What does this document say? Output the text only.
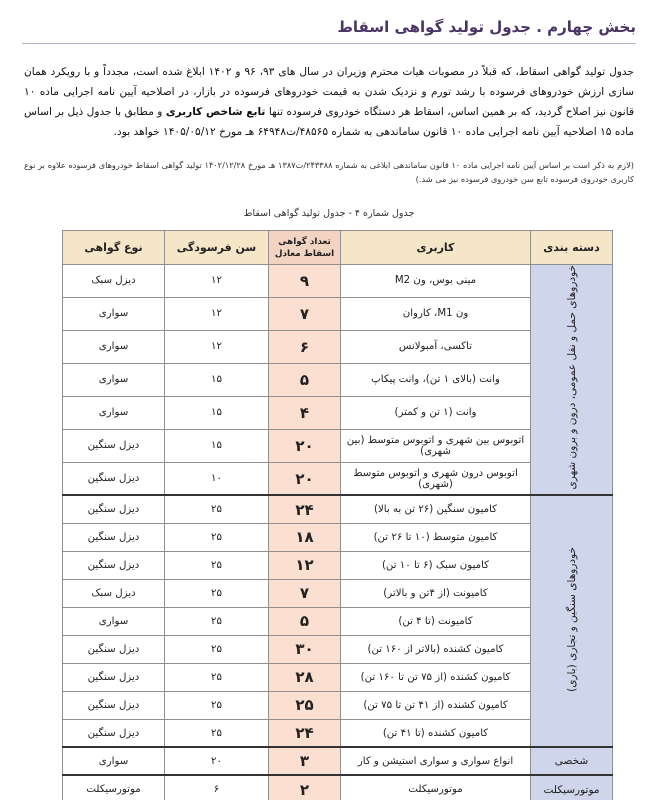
بخش چهارم . جدول تولید گواهی اسقاط
جدول تولید گواهی اسقاط، که قبلاً در مصوبات هیات محترم وزیران در سال های ۹۳، ۹۶ و ۱۴۰۲ ابلاغ شده است، مجدداً و با رویکرد همان سازی ارزش خودروهای فرسوده با رشد تورم و نزدیک شدن به قیمت خودروهای فرسوده در بازار، در اصلاحیه آیین نامه اجرایی ماده ۱۰ قانون نیز اصلاح گردید، که بر همین اساس، اسقاط هر دستگاه خودروی فرسوده تنها تابع شاخص کاربری و مطابق با جدول ذیل بر اساس ماده ۱۵ اصلاحیه آیین نامه اجرایی ماده ۱۰ قانون ساماندهی به شماره ۴۸۵۶۵/ت۶۴۹۴۸ هـ مورخ ۱۴۰۵/۰۵/۱۲ خواهد بود.
(لازم به ذکر است بر اساس آیین نامه اجرایی ماده ۱۰ قانون ساماندهی ابلاغی به شماره ۲۴۳۳۸۸/ت۱۳۸۷ هـ مورخ ۱۴۰۲/۱۲/۲۸ تولید گواهی اسقاط خودروهای فرسوده علاوه بر نوع کاربری خودروی فرسوده تابع سن خودروی فرسوده نیز می شد.)
جدول شماره ۴ - جدول تولید گواهی اسقاط
دسته بندی	کاربری	تعداد گواهی اسقاط معادل	سن فرسودگی	نوع گواهی
خودروهای حمل و نقل عمومی، درون و برون شهری	مینی بوس، ون M2	۹	۱۲	دیزل سبک
	ون M1، کاروان	۷	۱۲	سواری
	تاکسی، آمبولانس	۶	۱۲	سواری
	وانت (بالای ۱ تن)، وانت پیکاپ	۵	۱۵	سواری
	وانت (۱ تن و کمتر)	۴	۱۵	سواری
	اتوبوس بین شهری و اتوبوس متوسط (بین شهری)	۲۰	۱۵	دیزل سنگین
	اتوبوس درون شهری و اتوبوس متوسط (شهری)	۲۰	۱۰	دیزل سنگین
خودروهای سنگین و تجاری (باری)	کامیون سنگین (۲۶ تن به بالا)	۲۴	۲۵	دیزل سنگین
	کامیون متوسط (۱۰ تا ۲۶ تن)	۱۸	۲۵	دیزل سنگین
	کامیون سبک (۶ تا ۱۰ تن)	۱۲	۲۵	دیزل سنگین
	کامیونت (از ۴تن و بالاتر)	۷	۲۵	دیزل سبک
	کامیونت (تا ۴ تن)	۵	۲۵	سواری
	کامیون کشنده (بالاتر از ۱۶۰ تن)	۳۰	۲۵	دیزل سنگین
	کامیون کشنده (از ۷۵ تن تا ۱۶۰ تن)	۲۸	۲۵	دیزل سنگین
	کامیون کشنده (از ۴۱ تن تا ۷۵ تن)	۲۵	۲۵	دیزل سنگین
	کامیون کشنده (تا ۴۱ تن)	۲۴	۲۵	دیزل سنگین
شخصی	انواع سواری و سواری استیشن و کار	۳	۲۰	سواری
موتورسیکلت	موتورسیکلت	۲	۶	موتورسیکلت
